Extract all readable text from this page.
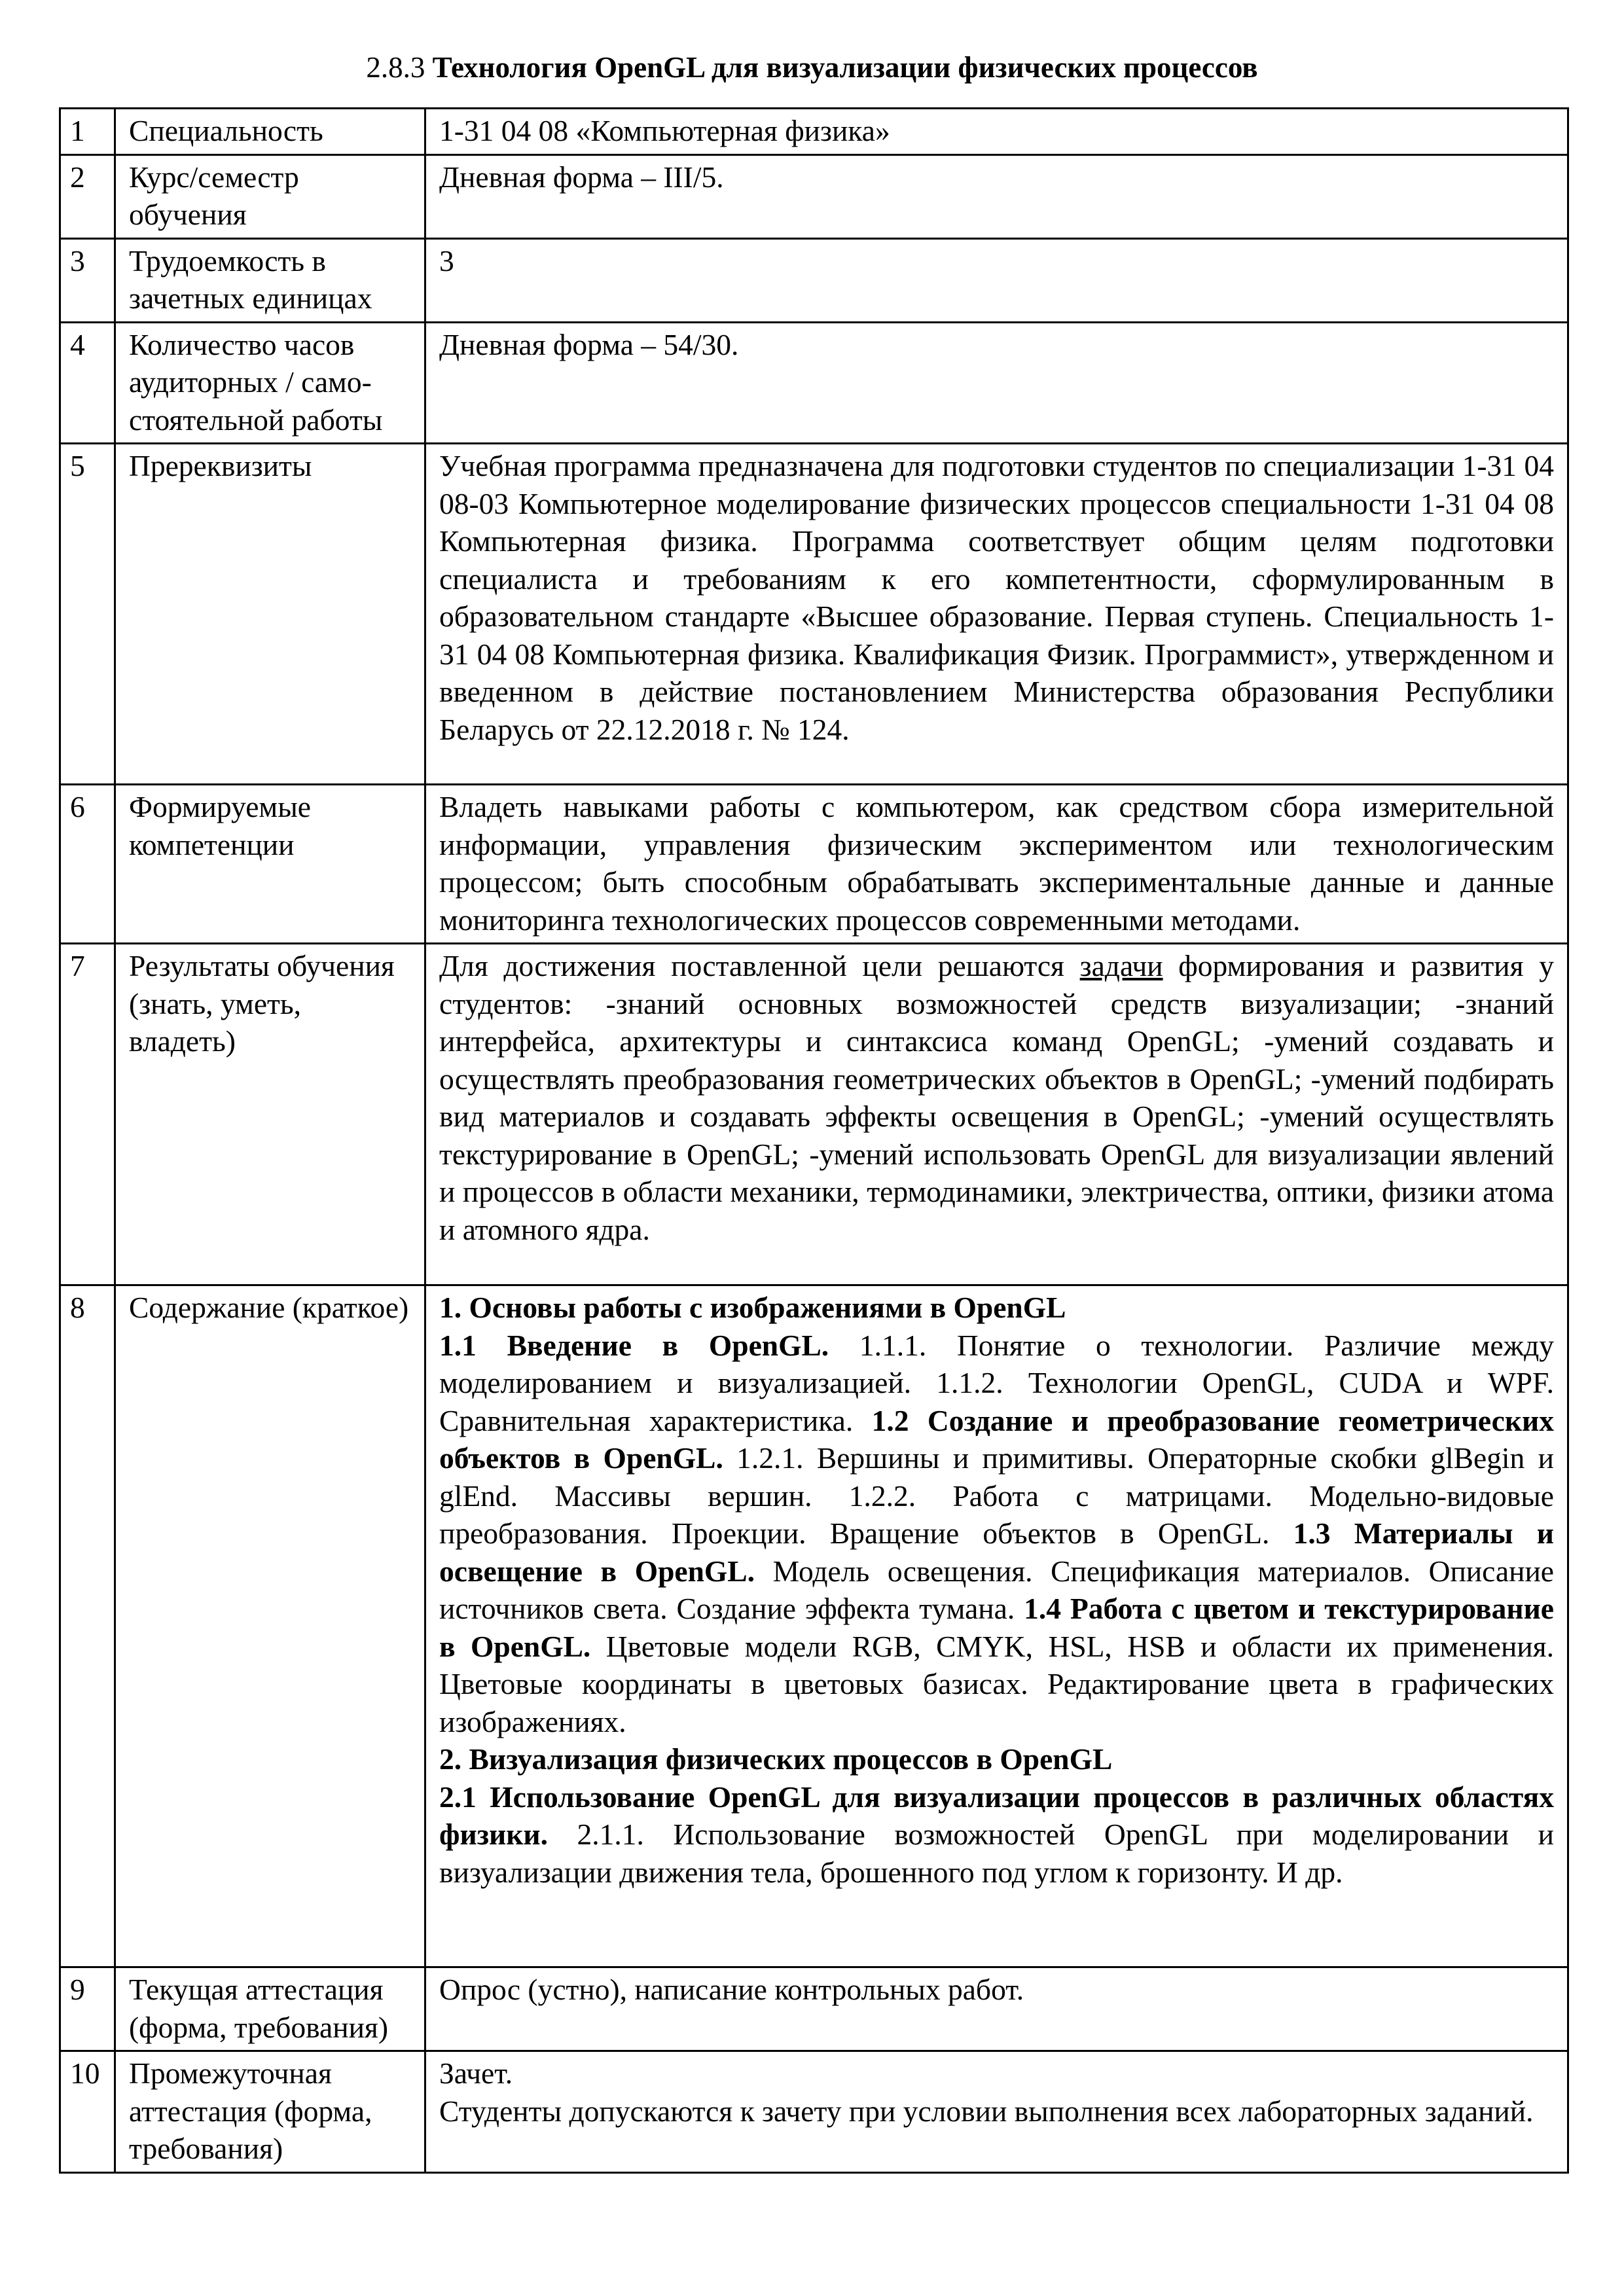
2.8.3 Технология OpenGL для визуализации физических процессов
1	Специальность	1-31 04 08 «Компьютерная физика»
2	Курс/семестр обучения	Дневная форма – III/5.
3	Трудоемкость в зачетных единицах	3
4	Количество часов аудиторных / само-стоятельной работы	Дневная форма – 54/30.
5	Пререквизиты	Учебная программа предназначена для подготовки студентов по специализации 1-31 04 08-03 Компьютерное моделирование физических процессов специальности 1-31 04 08 Компьютерная физика. Программа соответствует общим целям подготовки специалиста и требованиям к его компетентности, сформулированным в образовательном стандарте «Высшее образование. Первая ступень. Специальность 1-31 04 08 Компьютерная физика. Квалификация Физик. Программист», утвержденном и введенном в действие постановлением Министерства образования Республики Беларусь от 22.12.2018 г. № 124.
6	Формируемые компетенции	Владеть навыками работы с компьютером, как средством сбора измерительной информации, управления физическим экспериментом или технологическим процессом; быть способным обрабатывать экспериментальные данные и данные мониторинга технологических процессов современными методами.
7	Результаты обучения (знать, уметь, владеть)	Для достижения поставленной цели решаются задачи формирования и развития у студентов: -знаний основных возможностей средств визуализации; -знаний интерфейса, архитектуры и синтаксиса команд OpenGL; -умений создавать и осуществлять преобразования геометрических объектов в OpenGL; -умений подбирать вид материалов и создавать эффекты освещения в OpenGL; -умений осуществлять текстурирование в OpenGL; -умений использовать OpenGL для визуализации явлений и процессов в области механики, термодинамики, электричества, оптики, физики атома и атомного ядра.
8	Содержание (краткое)	1. Основы работы с изображениями в OpenGL
1.1 Введение в OpenGL. 1.1.1. Понятие о технологии. Различие между моделированием и визуализацией. 1.1.2. Технологии OpenGL, CUDA и WPF. Сравнительная характеристика. 1.2 Создание и преобразование геометрических объектов в OpenGL. 1.2.1. Вершины и примитивы. Операторные скобки glBegin и glEnd. Массивы вершин. 1.2.2. Работа с матрицами. Модельно-видовые преобразования. Проекции. Вращение объектов в OpenGL. 1.3 Материалы и освещение в OpenGL. Модель освещения. Спецификация материалов. Описание источников света. Создание эффекта тумана. 1.4 Работа с цветом и текстурирование в OpenGL. Цветовые модели RGB, CMYK, HSL, HSB и области их применения. Цветовые координаты в цветовых базисах. Редактирование цвета в графических изображениях.
2. Визуализация физических процессов в OpenGL
2.1 Использование OpenGL для визуализации процессов в различных областях физики. 2.1.1. Использование возможностей OpenGL при моделировании и визуализации движения тела, брошенного под углом к горизонту. И др.

9	Текущая аттестация (форма, требования)	Опрос (устно), написание контрольных работ.
10	Промежуточная аттестация (форма, требования)	Зачет.
Студенты допускаются к зачету при условии выполнения всех лабораторных заданий.
